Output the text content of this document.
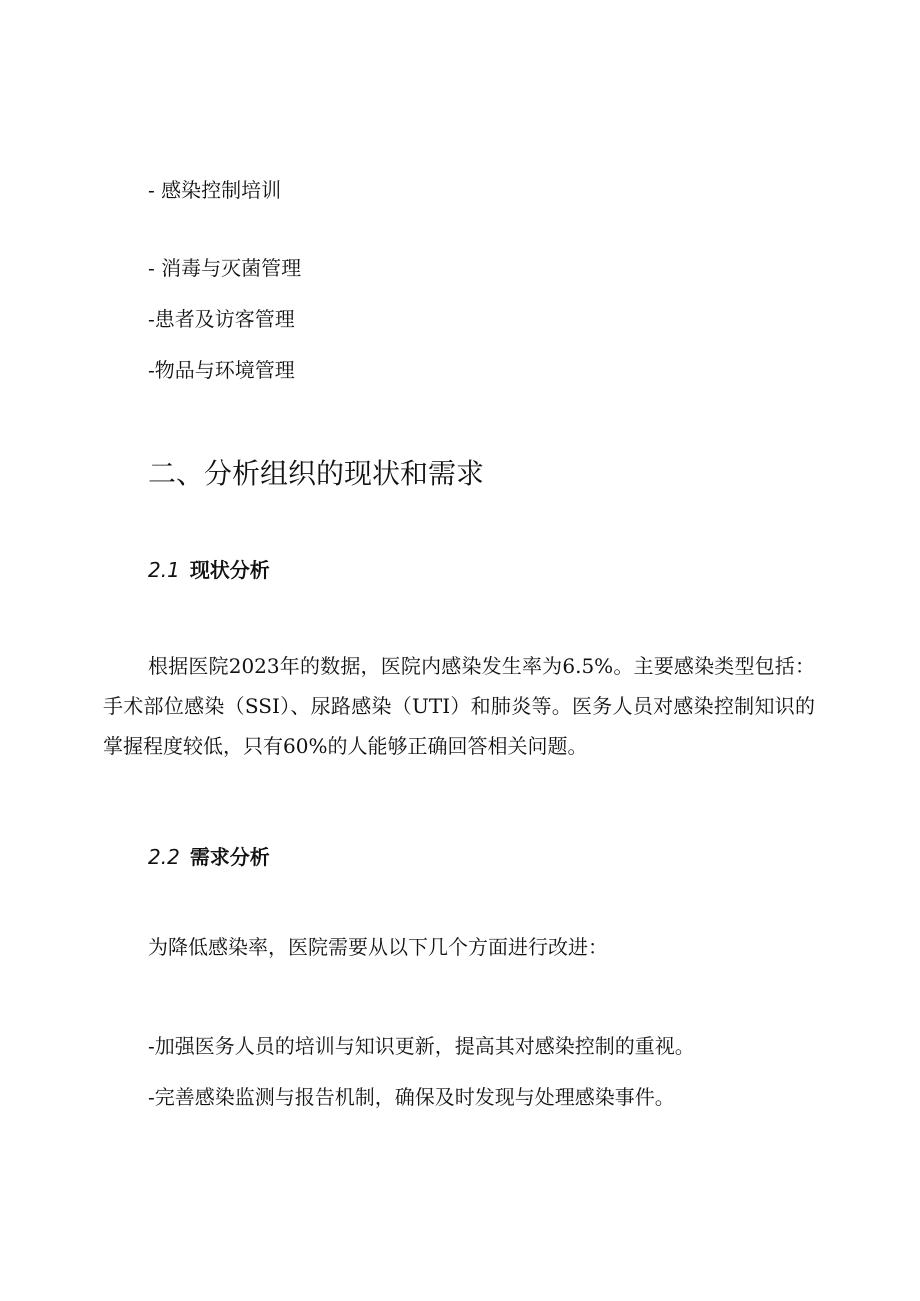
- 感染控制培训
- 消毒与灭菌管理
-患者及访客管理
-物品与环境管理
二、分析组织的现状和需求
2.1 现状分析

根据医院2023年的数据，医院内感染发生率为6.5%。主要感染类型包括：手术部位感染（SSI）、尿路感染（UTI）和肺炎等。医务人员对感染控制知识的掌握程度较低，只有60%的人能够正确回答相关问题。

2.2 需求分析
为降低感染率，医院需要从以下几个方面进行改进：
-加强医务人员的培训与知识更新，提高其对感染控制的重视。
-完善感染监测与报告机制，确保及时发现与处理感染事件。
